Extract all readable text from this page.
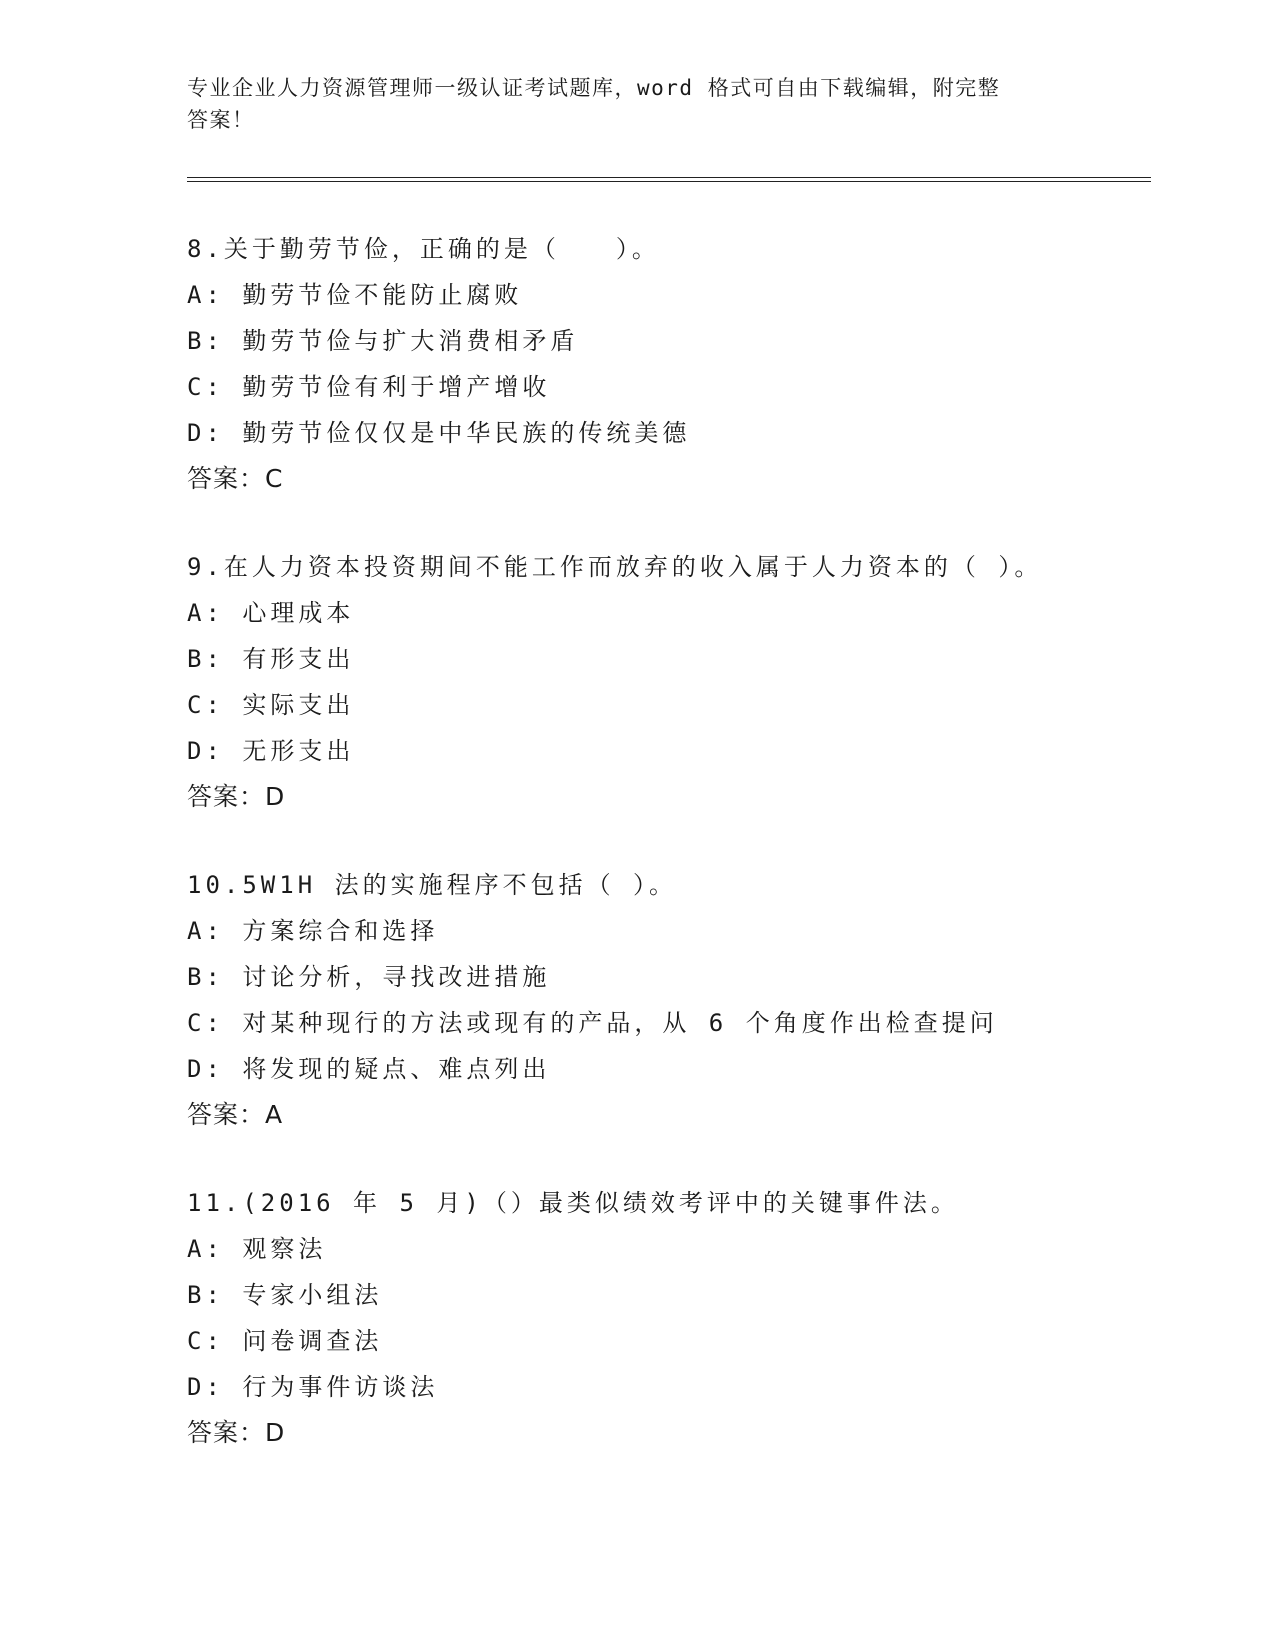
专业企业人力资源管理师一级认证考试题库，word 格式可自由下载编辑，附完整
答案！
8.关于勤劳节俭，正确的是（　　）。
A: 勤劳节俭不能防止腐败
B: 勤劳节俭与扩大消费相矛盾
C: 勤劳节俭有利于增产增收
D: 勤劳节俭仅仅是中华民族的传统美德
答案：C
9.在人力资本投资期间不能工作而放弃的收入属于人力资本的（ ）。
A: 心理成本
B: 有形支出
C: 实际支出
D: 无形支出
答案：D
10.5W1H 法的实施程序不包括（ ）。
A: 方案综合和选择
B: 讨论分析，寻找改进措施
C: 对某种现行的方法或现有的产品，从 6 个角度作出检查提问
D: 将发现的疑点、难点列出
答案：A
11.(2016 年 5 月)（）最类似绩效考评中的关键事件法。
A: 观察法
B: 专家小组法
C: 问卷调查法
D: 行为事件访谈法
答案：D
